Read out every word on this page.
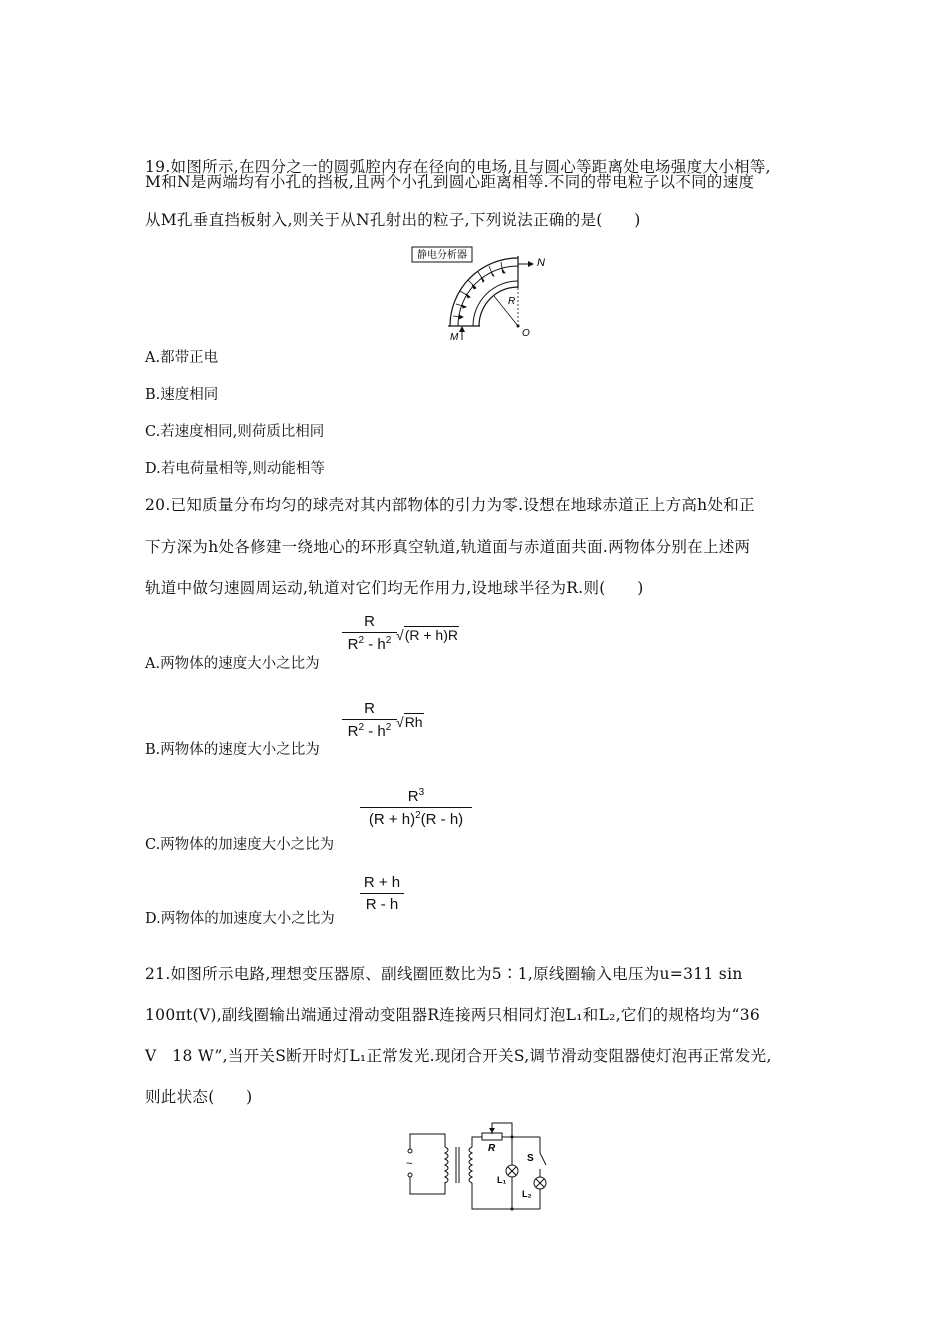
19.如图所示,在四分之一的圆弧腔内存在径向的电场,且与圆心等距离处电场强度大小相等,
M和N是两端均有小孔的挡板,且两个小孔到圆心距离相等.不同的带电粒子以不同的速度
从M孔垂直挡板射入,则关于从N孔射出的粒子,下列说法正确的是(　　)
静电分析器
N
R
O
M
A.都带正电
B.速度相同
C.若速度相同,则荷质比相同
D.若电荷量相等,则动能相等
20.已知质量分布均匀的球壳对其内部物体的引力为零.设想在地球赤道正上方高h处和正
下方深为h处各修建一绕地心的环形真空轨道,轨道面与赤道面共面.两物体分别在上述两
轨道中做匀速圆周运动,轨道对它们均无作用力,设地球半径为R.则(　　)
A.两物体的速度大小之比为
R
$R^2 - h^2$ √(R + h)R
B.两物体的速度大小之比为
R
$R^2 - h^2$ √Rh
C.两物体的加速度大小之比为
$R^3$
$(R + h)^2(R - h)$
D.两物体的加速度大小之比为
R + h
R - h
21.如图所示电路,理想变压器原、副线圈匝数比为5∶1,原线圈输入电压为u=311 sin
100πt(V),副线圈输出端通过滑动变阻器R连接两只相同灯泡L₁和L₂,它们的规格均为“36
V　18 W”,当开关S断开时灯L₁正常发光.现闭合开关S,调节滑动变阻器使灯泡再正常发光,
则此状态(　　)
~
R
S
L₁
L₂
